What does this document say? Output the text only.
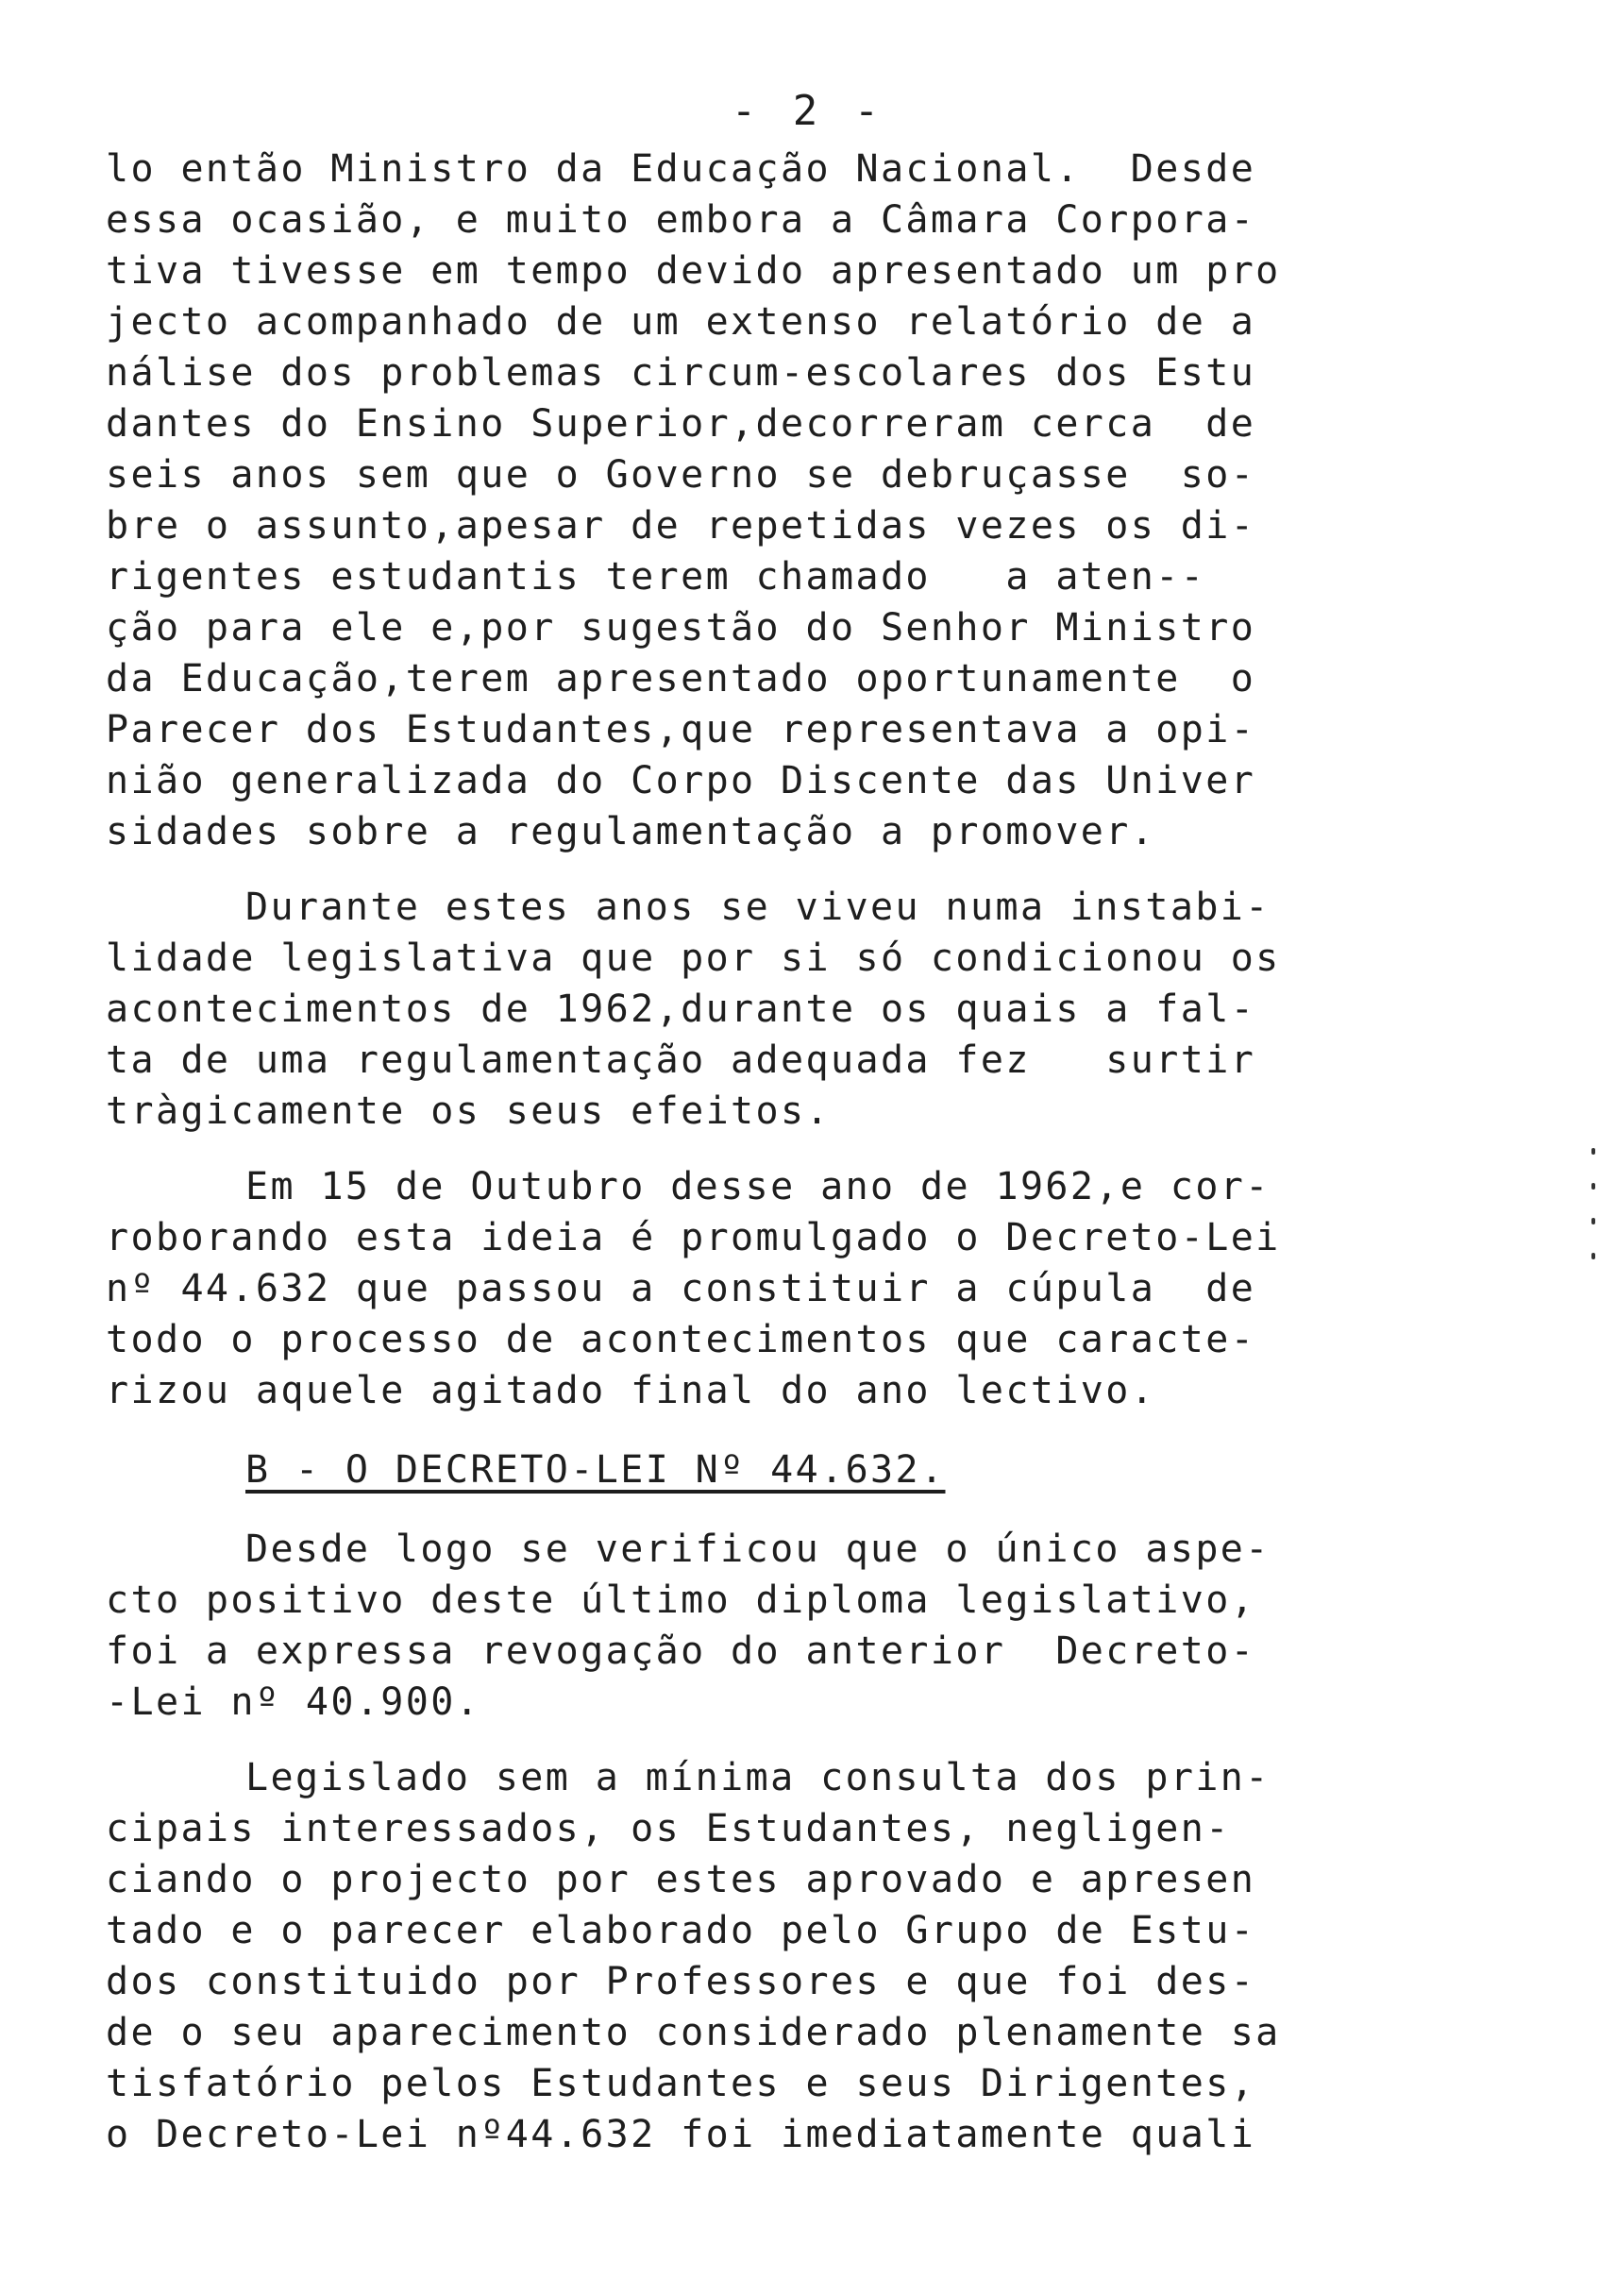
- 2 -
lo então Ministro da Educação Nacional.  Desde
essa ocasião, e muito embora a Câmara Corpora-
tiva tivesse em tempo devido apresentado um pro
jecto acompanhado de um extenso relatório de a
nálise dos problemas circum-escolares dos Estu
dantes do Ensino Superior,decorreram cerca  de
seis anos sem que o Governo se debruçasse  so-
bre o assunto,apesar de repetidas vezes os di-
rigentes estudantis terem chamado   a aten--
ção para ele e,por sugestão do Senhor Ministro
da Educação,terem apresentado oportunamente  o
Parecer dos Estudantes,que representava a opi-
nião generalizada do Corpo Discente das Univer
sidades sobre a regulamentação a promover.
Durante estes anos se viveu numa instabi-
lidade legislativa que por si só condicionou os
acontecimentos de 1962,durante os quais a fal-
ta de uma regulamentação adequada fez   surtir
tràgicamente os seus efeitos.
Em 15 de Outubro desse ano de 1962,e cor-
roborando esta ideia é promulgado o Decreto-Lei
nº 44.632 que passou a constituir a cúpula  de
todo o processo de acontecimentos que caracte-
rizou aquele agitado final do ano lectivo.
B - O DECRETO-LEI Nº 44.632.
Desde logo se verificou que o único aspe-
cto positivo deste último diploma legislativo,
foi a expressa revogação do anterior  Decreto-
-Lei nº 40.900.
Legislado sem a mínima consulta dos prin-
cipais interessados, os Estudantes, negligen-
ciando o projecto por estes aprovado e apresen
tado e o parecer elaborado pelo Grupo de Estu-
dos constituido por Professores e que foi des-
de o seu aparecimento considerado plenamente sa
tisfatório pelos Estudantes e seus Dirigentes,
o Decreto-Lei nº44.632 foi imediatamente quali
